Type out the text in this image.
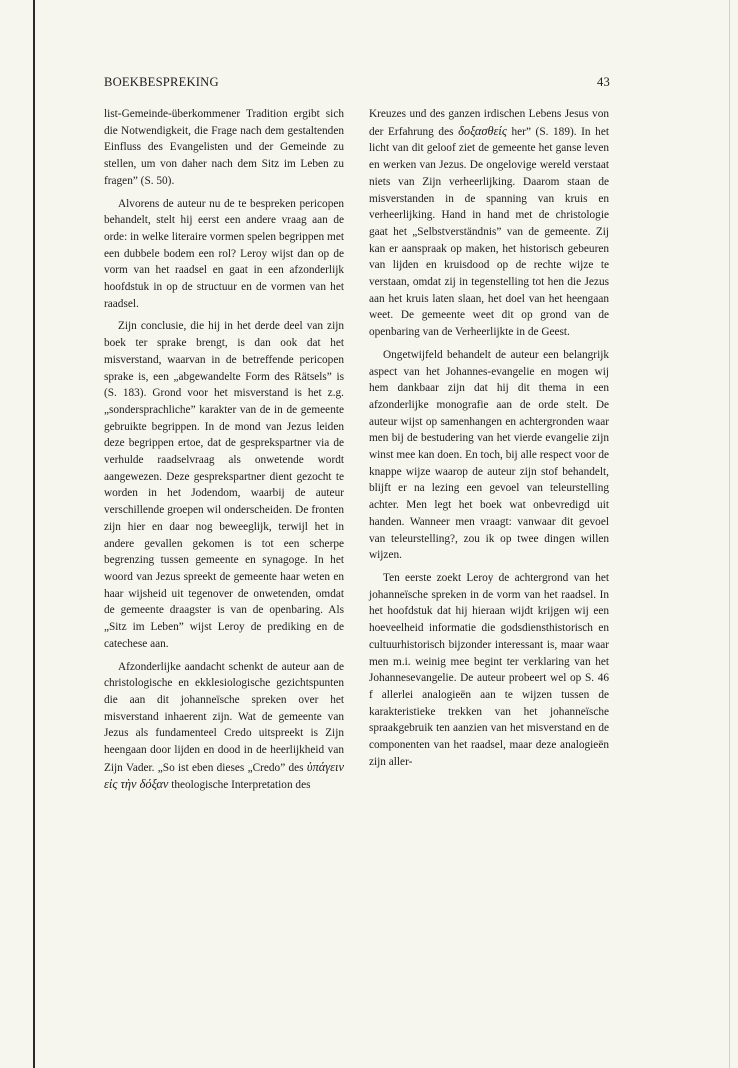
BOEKBESPREKING	43

list-Gemeinde-überkommener Tradition ergibt sich die Notwendigkeit, die Frage nach dem gestaltenden Einfluss des Evangelisten und der Gemeinde zu stellen, um von daher nach dem Sitz im Leben zu fragen” (S. 50).

Alvorens de auteur nu de te bespreken pericopen behandelt, stelt hij eerst een andere vraag aan de orde: in welke literaire vormen spelen begrippen met een dubbele bodem een rol? Leroy wijst dan op de vorm van het raadsel en gaat in een afzonderlijk hoofdstuk in op de structuur en de vormen van het raadsel.

Zijn conclusie, die hij in het derde deel van zijn boek ter sprake brengt, is dan ook dat het misverstand, waarvan in de betreffende pericopen sprake is, een „abgewandelte Form des Rätsels” is (S. 183). Grond voor het misverstand is het z.g. „sondersprachliche” karakter van de in de gemeente gebruikte begrippen. In de mond van Jezus leiden deze begrippen ertoe, dat de gesprekspartner via de verhulde raadselvraag als onwetende wordt aangewezen. Deze gesprekspartner dient gezocht te worden in het Jodendom, waarbij de auteur verschillende groepen wil onderscheiden. De fronten zijn hier en daar nog beweeglijk, terwijl het in andere gevallen gekomen is tot een scherpe begrenzing tussen gemeente en synagoge. In het woord van Jezus spreekt de gemeente haar weten en haar wijsheid uit tegenover de onwetenden, omdat de gemeente draagster is van de openbaring. Als „Sitz im Leben” wijst Leroy de prediking en de catechese aan.

Afzonderlijke aandacht schenkt de auteur aan de christologische en ekklesiologische gezichtspunten die aan dit johanneïsche spreken over het misverstand inhaerent zijn. Wat de gemeente van Jezus als fundamenteel Credo uitspreekt is Zijn heengaan door lijden en dood in de heerlijkheid van Zijn Vader. „So ist eben dieses „Credo” des ὑπάγειν εἰς τὴν δόξαν theologische Interpretation des

Kreuzes und des ganzen irdischen Lebens Jesus von der Erfahrung des δοξασθείς her” (S. 189). In het licht van dit geloof ziet de gemeente het ganse leven en werken van Jezus. De ongelovige wereld verstaat niets van Zijn verheerlijking. Daarom staan de misverstanden in de spanning van kruis en verheerlijking. Hand in hand met de christologie gaat het „Selbstverständnis” van de gemeente. Zij kan er aanspraak op maken, het historisch gebeuren van lijden en kruisdood op de rechte wijze te verstaan, omdat zij in tegenstelling tot hen die Jezus aan het kruis laten slaan, het doel van het heengaan weet. De gemeente weet dit op grond van de openbaring van de Verheerlijkte in de Geest.

Ongetwijfeld behandelt de auteur een belangrijk aspect van het Johannes-evangelie en mogen wij hem dankbaar zijn dat hij dit thema in een afzonderlijke monografie aan de orde stelt. De auteur wijst op samenhangen en achtergronden waar men bij de bestudering van het vierde evangelie zijn winst mee kan doen. En toch, bij alle respect voor de knappe wijze waarop de auteur zijn stof behandelt, blijft er na lezing een gevoel van teleurstelling achter. Men legt het boek wat onbevredigd uit handen. Wanneer men vraagt: vanwaar dit gevoel van teleurstelling?, zou ik op twee dingen willen wijzen.

Ten eerste zoekt Leroy de achtergrond van het johanneïsche spreken in de vorm van het raadsel. In het hoofdstuk dat hij hieraan wijdt krijgen wij een hoeveelheid informatie die godsdiensthistorisch en cultuurhistorisch bijzonder interessant is, maar waar men m.i. weinig mee begint ter verklaring van het Johannesevangelie. De auteur probeert wel op S. 46 f allerlei analogieën aan te wijzen tussen de karakteristieke trekken van het johanneïsche spraakgebruik ten aanzien van het misverstand en de componenten van het raadsel, maar deze analogieën zijn aller-
